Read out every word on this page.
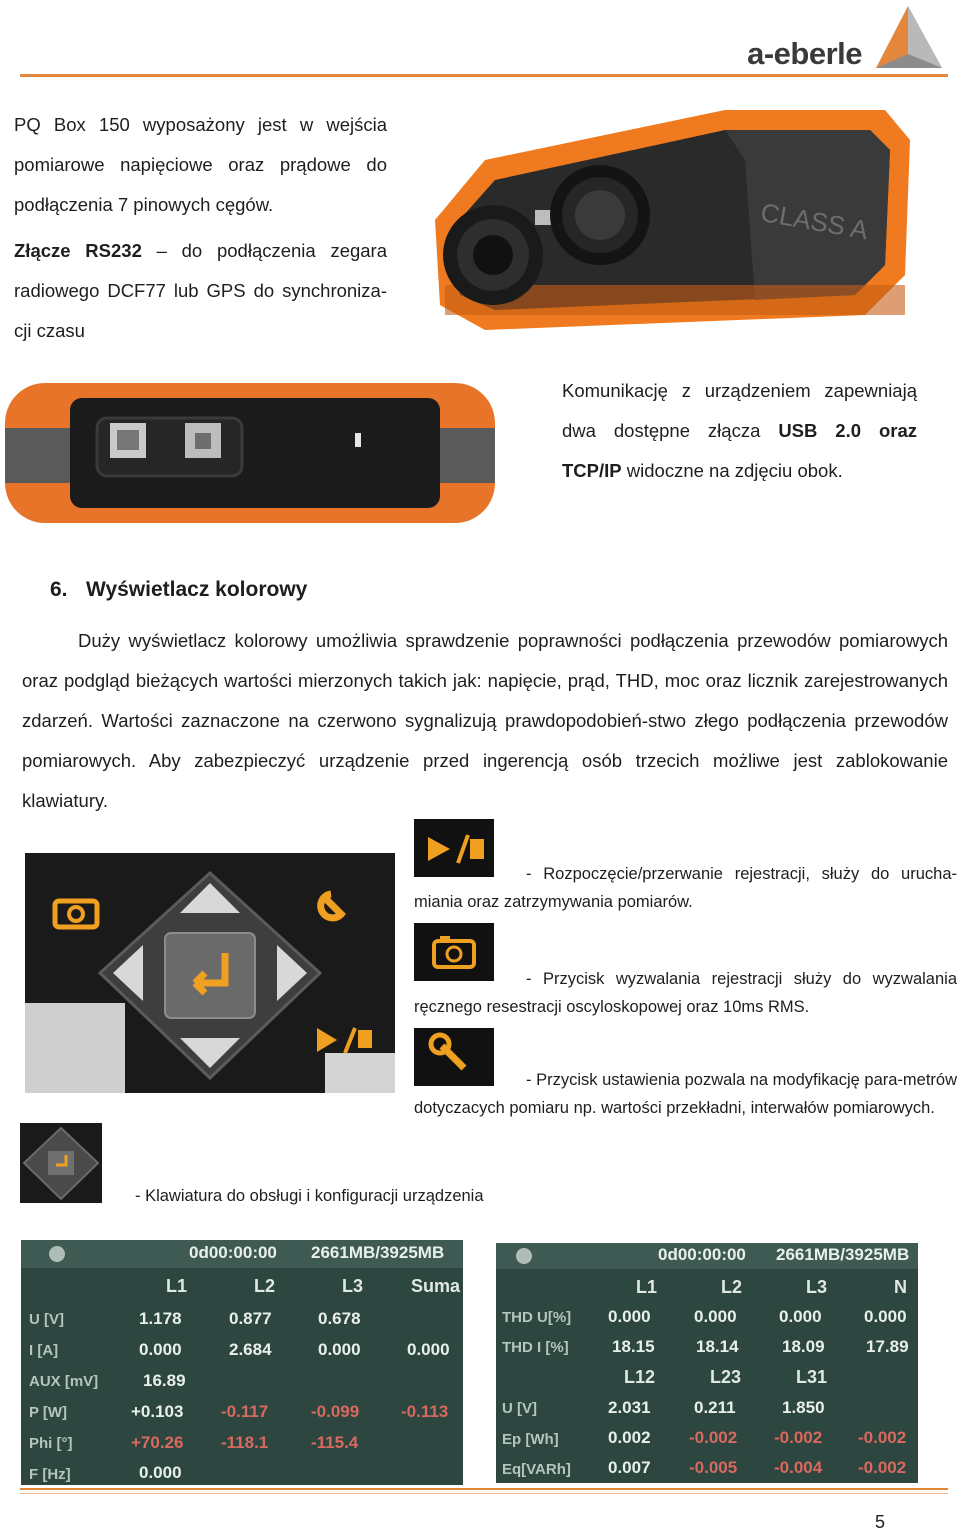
a-eberle
PQ Box 150 wyposażony jest w wejścia pomiarowe napięciowe oraz prądowe do podłączenia 7 pinowych cęgów.
Złącze RS232 – do podłączenia zegara radiowego DCF77 lub GPS do synchroniza-cji czasu
CLASS A
Komunikację z urządzeniem zapewniają dwa dostępne złącza USB 2.0 oraz TCP/IP widoczne na zdjęciu obok.
6. Wyświetlacz kolorowy
Duży wyświetlacz kolorowy umożliwia sprawdzenie poprawności podłączenia przewodów pomiarowych oraz podgląd bieżących wartości mierzonych takich jak: napięcie, prąd, THD, moc oraz licznik zarejestrowanych zdarzeń. Wartości zaznaczone na czerwono sygnalizują prawdopodobień-stwo złego podłączenia przewodów pomiarowych. Aby zabezpieczyć urządzenie przed ingerencją osób trzecich możliwe jest zablokowanie klawiatury.
- Rozpoczęcie/przerwanie rejestracji, służy do urucha-miania oraz zatrzymywania pomiarów.
- Przycisk wyzwalania rejestracji służy do wyzwalania ręcznego resestracji oscyloskopowej oraz 10ms RMS.
- Przycisk ustawienia pozwala na modyfikację para-metrów dotyczacych pomiaru np. wartości przekładni, interwałów pomiarowych.
- Klawiatura do obsługi i konfiguracji urządzenia
0d00:00:00 2661MB/3925MB
L1	L2	L3	Suma
U [V]	1.178	0.877	0.678
I [A]	0.000	2.684	0.000	0.000
AUX [mV]	16.89
P [W]	+0.103 -0.117	-0.099 -0.113
Phi [°]	+70.26 -118.1	-115.4
F [Hz]	0.000
0d00:00:00 2661MB/3925MB
L1	L2	L3	N
THD U[%] 0.000	0.000 0.000 0.000
THD I [%]	18.15 18.14	18.09 17.89
L12	L23	L31
U [V]	2.031	0.211	1.850
Ep [Wh]	0.002 -0.002 -0.002 -0.002
Eq[VARh] 0.007 -0.005 -0.004 -0.002
5
